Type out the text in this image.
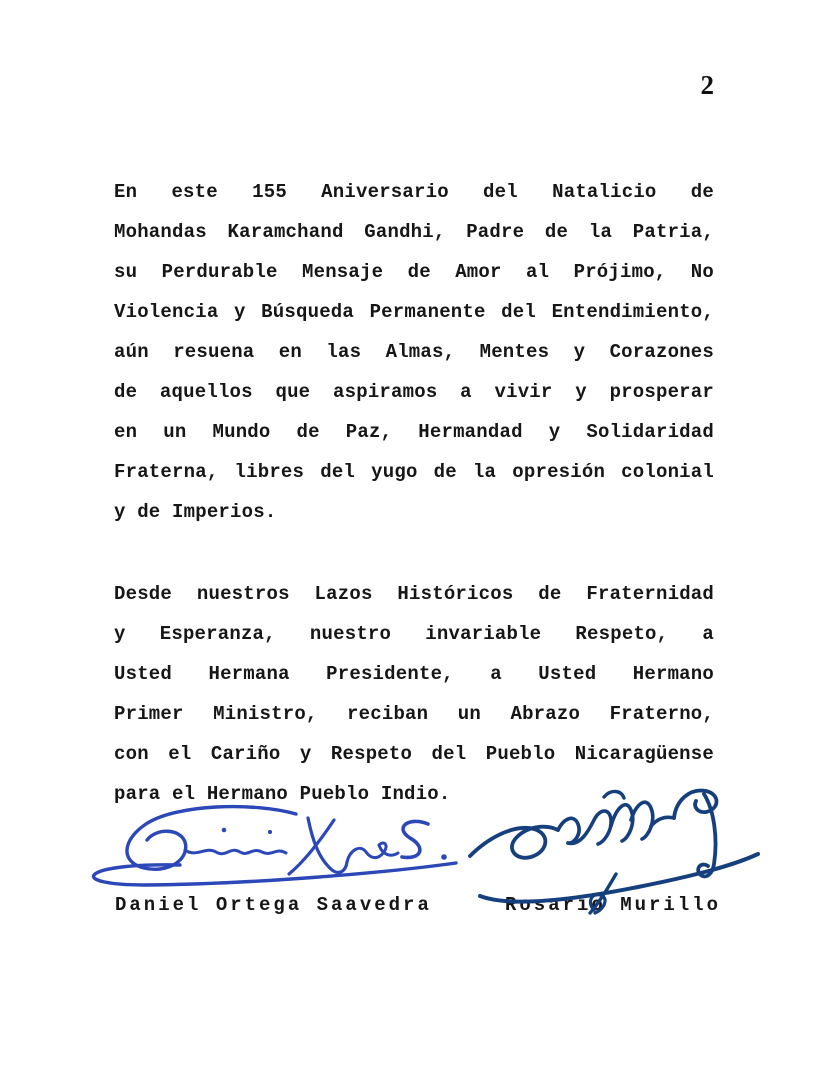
2
En este 155 Aniversario del Natalicio de
Mohandas Karamchand Gandhi, Padre de la Patria,
su Perdurable Mensaje de Amor al Prójimo, No
Violencia y Búsqueda Permanente del Entendimiento,
aún resuena en las Almas, Mentes y Corazones
de aquellos que aspiramos a vivir y prosperar
en un Mundo de Paz, Hermandad y Solidaridad
Fraterna, libres del yugo de la opresión colonial
y de Imperios.
Desde nuestros Lazos Históricos de Fraternidad
y Esperanza, nuestro invariable Respeto, a
Usted Hermana Presidente, a Usted Hermano
Primer Ministro, reciban un Abrazo Fraterno,
con el Cariño y Respeto del Pueblo Nicaragüense
para el Hermano Pueblo Indio.
Daniel Ortega Saavedra	Rosario Murillo
